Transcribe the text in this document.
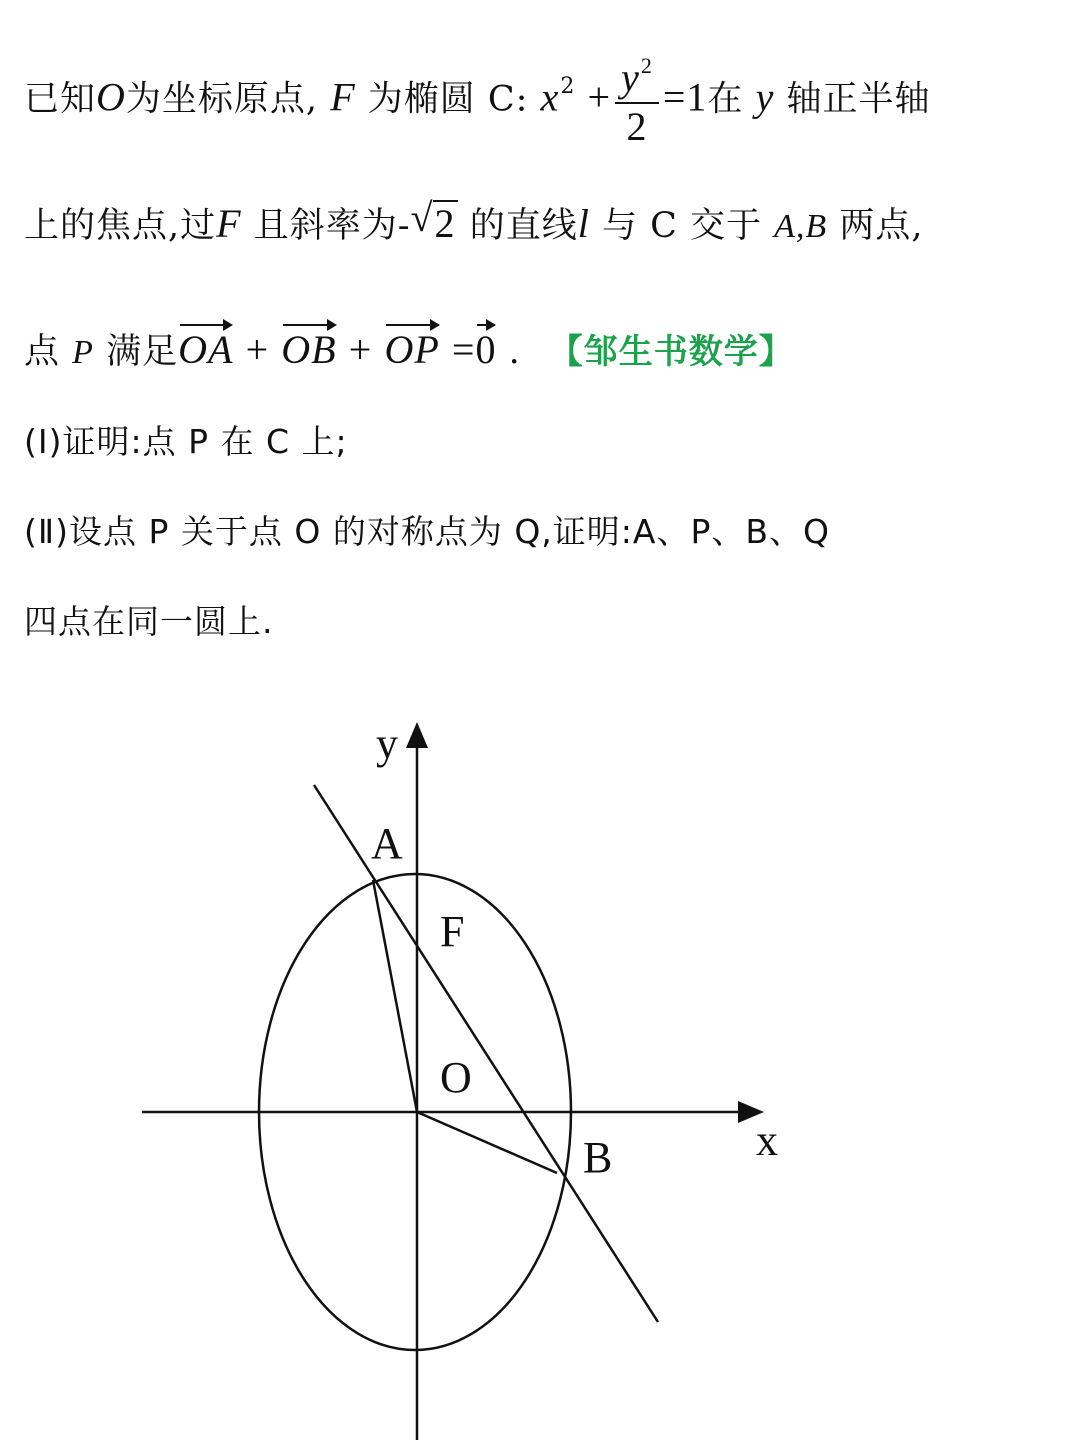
已知O为坐标原点, F 为椭圆 C: $x^2 + \frac{y^2}{2} =1$在 y 轴正半轴
上的焦点,过F 且斜率为- √ 2 的直线l 与 C 交于 A,B 两点,
点 P 满足OA + OB + OP =0 . 【邹生书数学】
(Ⅰ)证明:点 P 在 C 上;
(Ⅱ)设点 P 关于点 O 的对称点为 Q,证明:A、P、B、Q
四点在同一圆上.
y
x
A
F
O
B
